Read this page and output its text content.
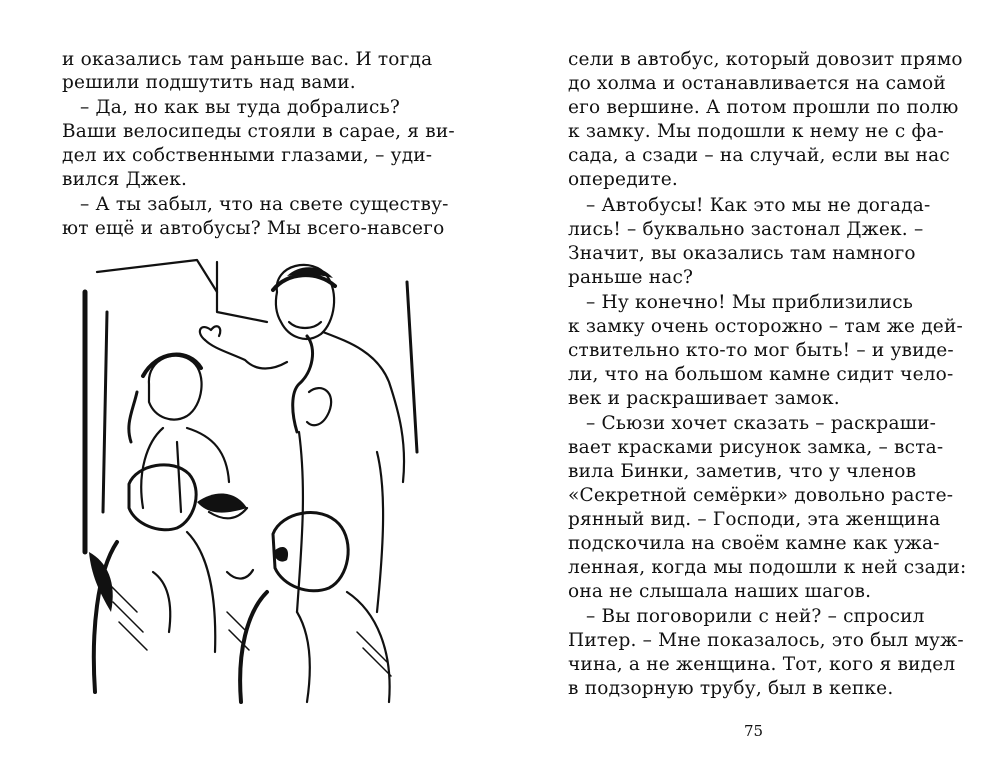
и оказались там раньше вас. И тогда
решили подшутить над вами.
– Да, но как вы туда добрались?
Ваши велосипеды стояли в сарае, я ви-
дел их собственными глазами, – уди-
вился Джек.
– А ты забыл, что на свете существу-
ют ещё и автобусы? Мы всего-навсего
сели в автобус, который довозит прямо
до холма и останавливается на самой
его вершине. А потом прошли по полю
к замку. Мы подошли к нему не с фа-
сада, а сзади – на случай, если вы нас
опередите.
– Автобусы! Как это мы не догада-
лись! – буквально застонал Джек. –
Значит, вы оказались там намного
раньше нас?
– Ну конечно! Мы приблизились
к замку очень осторожно – там же дей-
ствительно кто-то мог быть! – и увиде-
ли, что на большом камне сидит чело-
век и раскрашивает замок.
– Сьюзи хочет сказать – раскраши-
вает красками рисунок замка, – вста-
вила Бинки, заметив, что у членов
«Секретной семёрки» довольно расте-
рянный вид. – Господи, эта женщина
подскочила на своём камне как ужа-
ленная, когда мы подошли к ней сзади:
она не слышала наших шагов.
– Вы поговорили с ней? – спросил
Питер. – Мне показалось, это был муж-
чина, а не женщина. Тот, кого я видел
в подзорную трубу, был в кепке.
75
